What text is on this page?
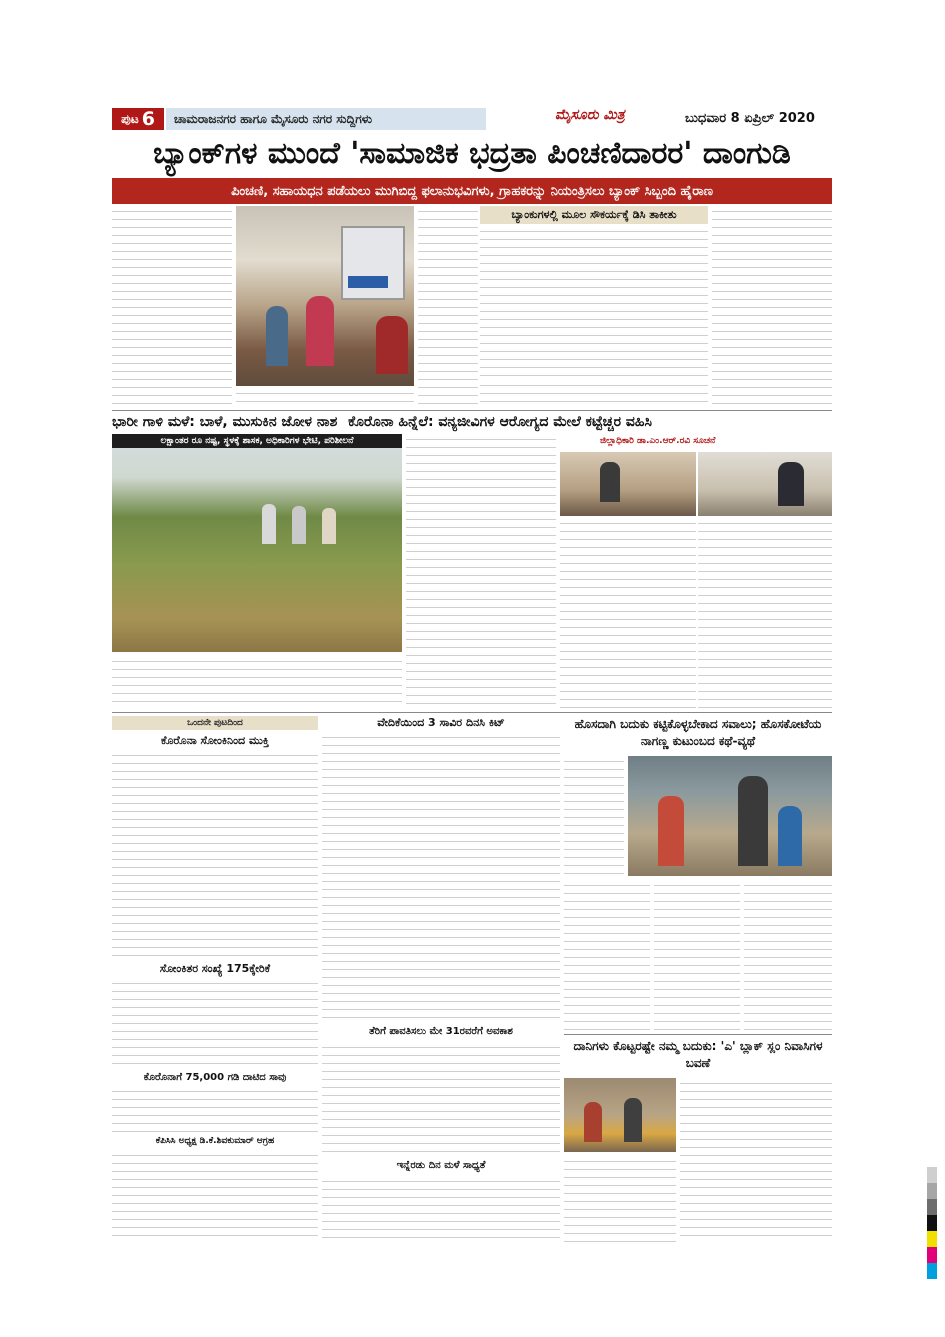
ಪುಟ 6	ಚಾಮರಾಜನಗರ ಹಾಗೂ ಮೈಸೂರು ನಗರ ಸುದ್ದಿಗಳು	ಮೈಸೂರು ಮಿತ್ರ	ಬುಧವಾರ 8 ಏಪ್ರಿಲ್ 2020
ಬ್ಯಾಂಕ್‌ಗಳ ಮುಂದೆ 'ಸಾಮಾಜಿಕ ಭದ್ರತಾ ಪಿಂಚಣಿದಾರರ' ದಾಂಗುಡಿ
ಪಿಂಚಣಿ, ಸಹಾಯಧನ ಪಡೆಯಲು ಮುಗಿಬಿದ್ದ ಫಲಾನುಭವಿಗಳು, ಗ್ರಾಹಕರನ್ನು ನಿಯಂತ್ರಿಸಲು ಬ್ಯಾಂಕ್ ಸಿಬ್ಬಂದಿ ಹೈರಾಣ
ಬ್ಯಾಂಕುಗಳಲ್ಲಿ ಮೂಲ ಸೌಕರ್ಯಕ್ಕೆ ಡಿಸಿ ತಾಕೀತು
ಭಾರೀ ಗಾಳಿ ಮಳೆ: ಬಾಳೆ, ಮುಸುಕಿನ ಜೋಳ ನಾಶ ಕೊರೊನಾ ಹಿನ್ನೆಲೆ: ವನ್ಯಜೀವಿಗಳ ಆರೋಗ್ಯದ ಮೇಲೆ ಕಟ್ಟೆಚ್ಚರ ವಹಿಸಿ
ಲಕ್ಷಾಂತರ ರೂ ನಷ್ಟ, ಸ್ಥಳಕ್ಕೆ ಶಾಸಕ, ಅಧಿಕಾರಿಗಳ ಭೇಟಿ, ಪರಿಶೀಲನೆ	ಜಿಲ್ಲಾಧಿಕಾರಿ ಡಾ.ಎಂ.ಆರ್.ರವಿ ಸೂಚನೆ
ಒಂದನೇ ಪುಟದಿಂದ
ಕೊರೊನಾ ಸೋಂಕಿನಿಂದ ಮುಕ್ತಿ
ಸೋಂಕಿತರ ಸಂಖ್ಯೆ 175ಕ್ಕೇರಿಕೆ
ಕೊರೊನಾಗೆ 75,000 ಗಡಿ ದಾಟಿದ ಸಾವು
ಕೆಪಿಸಿಸಿ ಅಧ್ಯಕ್ಷ ಡಿ.ಕೆ.ಶಿವಕುಮಾರ್ ಆಗ್ರಹ
ವೇದಿಕೆಯಿಂದ 3 ಸಾವಿರ ದಿನಸಿ ಕಿಟ್
ತೆರಿಗೆ ಪಾವತಿಸಲು ಮೇ 31ರವರೆಗೆ ಅವಕಾಶ
ಇನ್ನೆರಡು ದಿನ ಮಳೆ ಸಾಧ್ಯತೆ
ಹೊಸದಾಗಿ ಬದುಕು ಕಟ್ಟಿಕೊಳ್ಳಬೇಕಾದ ಸವಾಲು; ಹೊಸಕೋಟೆಯ ನಾಗಣ್ಣ ಕುಟುಂಬದ ಕಥೆ-ವ್ಯಥೆ
ದಾನಿಗಳು ಕೊಟ್ಟರಷ್ಟೇ ನಮ್ಮ ಬದುಕು: 'ಎ' ಬ್ಲಾಕ್ ಸ್ಲಂ ನಿವಾಸಿಗಳ ಬವಣೆ
